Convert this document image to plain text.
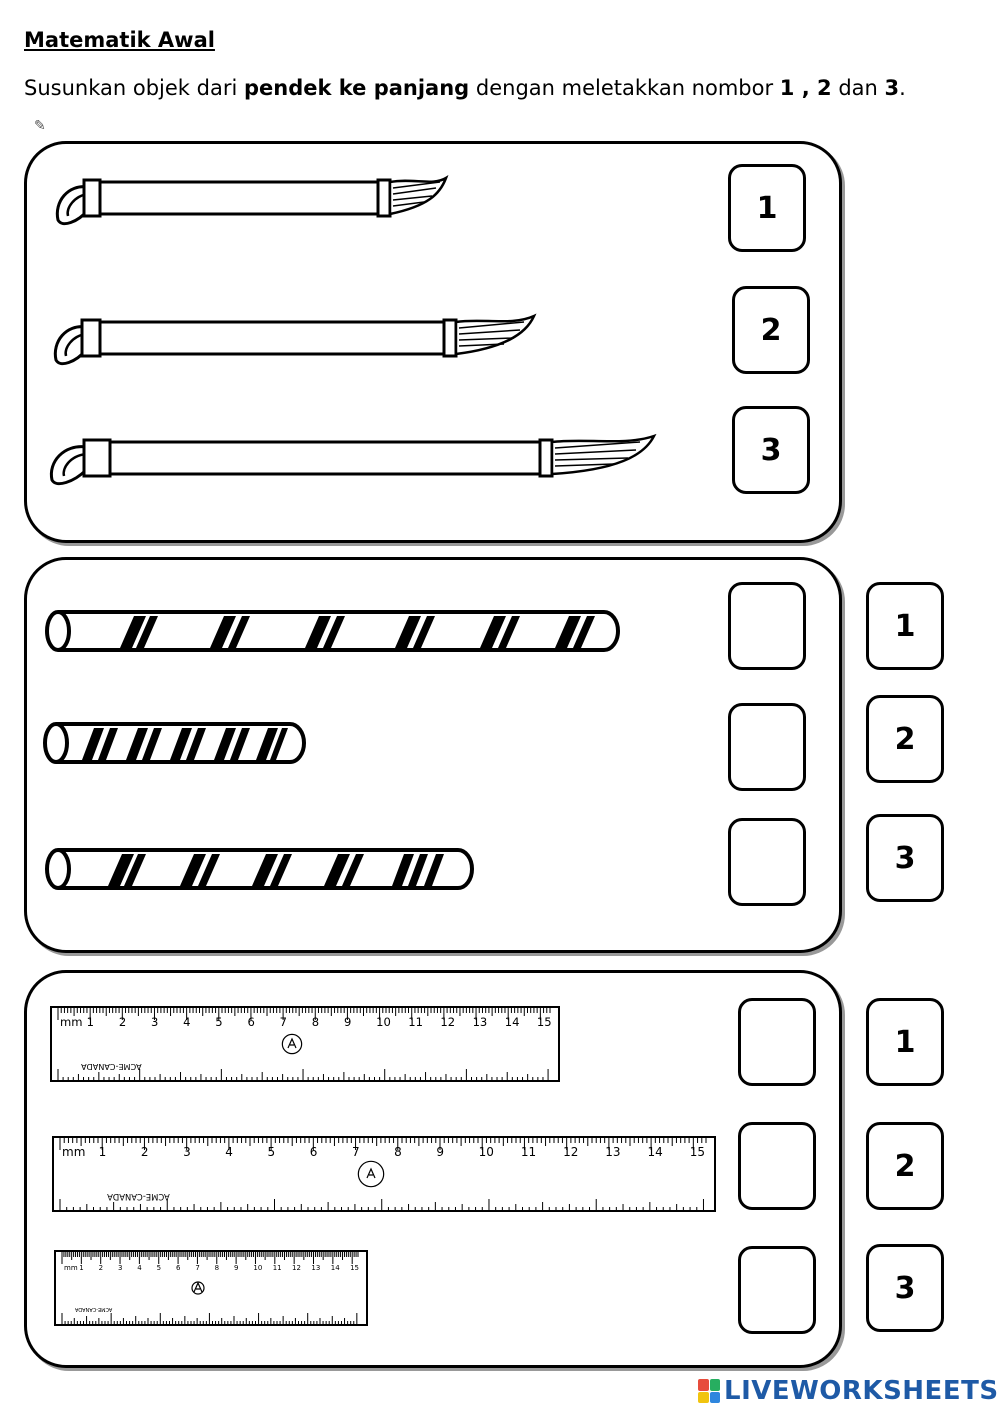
Matematik Awal

Susunkan objek dari pendek ke panjang dengan meletakkan nombor 1 , 2 dan 3.

✎
1
2
3
1
2
3
mm 1 2 3 4 5 6 7 8 9 10 11 12 13 14 15
ACME-CANADA
mm 1	2	3	4	5	6	7	8	9	10 11 12 13 14 15
ACME-CANADA
mm 1 2 3 4 5 6 7 8 9 10 11 12 13 14 15
ACME-CANADA
1
2
3
LIVEWORKSHEETS
